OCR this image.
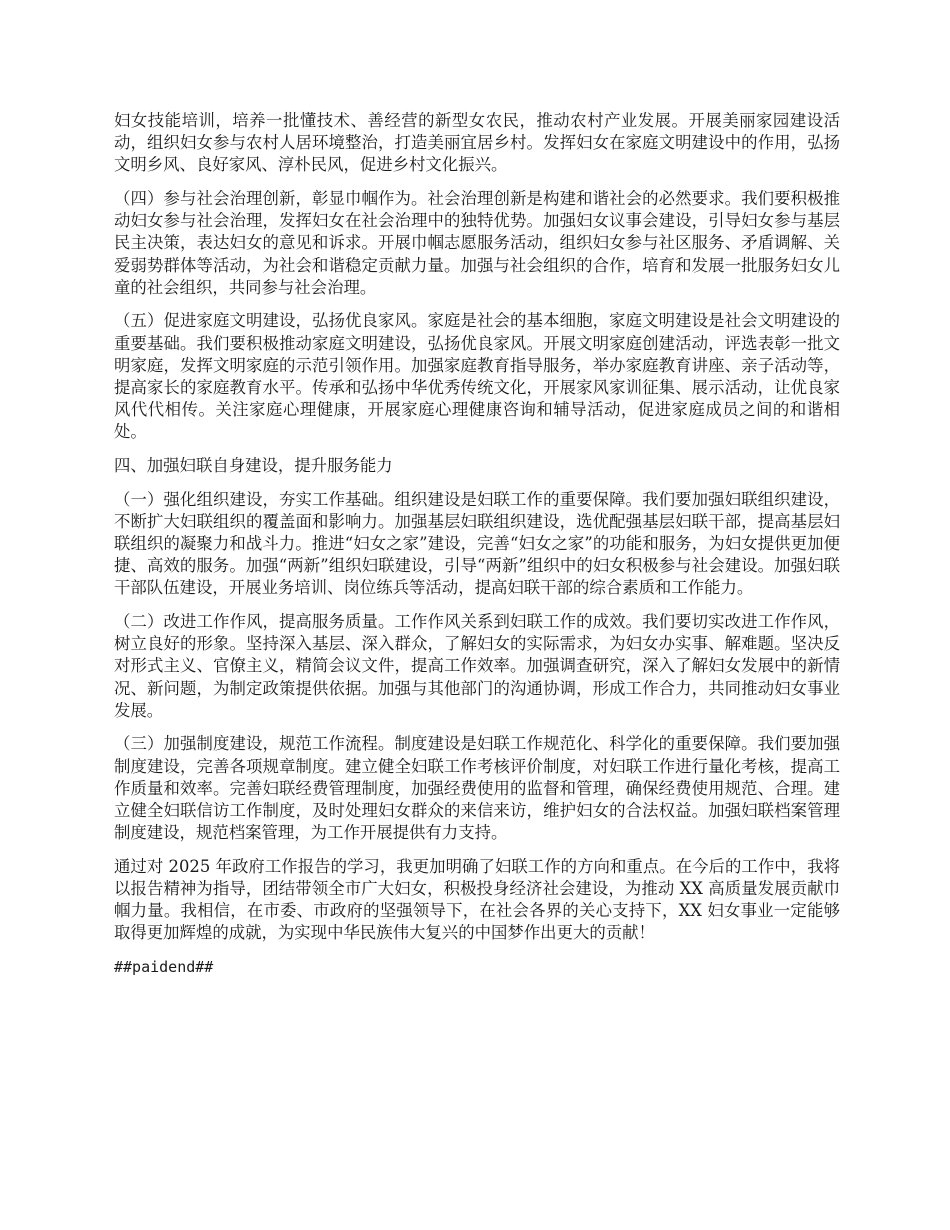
妇女技能培训，培养一批懂技术、善经营的新型女农民，推动农村产业发展。开展美丽家园建设活动，组织妇女参与农村人居环境整治，打造美丽宜居乡村。发挥妇女在家庭文明建设中的作用，弘扬文明乡风、良好家风、淳朴民风，促进乡村文化振兴。

（四）参与社会治理创新，彰显巾帼作为。社会治理创新是构建和谐社会的必然要求。我们要积极推动妇女参与社会治理，发挥妇女在社会治理中的独特优势。加强妇女议事会建设，引导妇女参与基层民主决策，表达妇女的意见和诉求。开展巾帼志愿服务活动，组织妇女参与社区服务、矛盾调解、关爱弱势群体等活动，为社会和谐稳定贡献力量。加强与社会组织的合作，培育和发展一批服务妇女儿童的社会组织，共同参与社会治理。

（五）促进家庭文明建设，弘扬优良家风。家庭是社会的基本细胞，家庭文明建设是社会文明建设的重要基础。我们要积极推动家庭文明建设，弘扬优良家风。开展文明家庭创建活动，评选表彰一批文明家庭，发挥文明家庭的示范引领作用。加强家庭教育指导服务，举办家庭教育讲座、亲子活动等，提高家长的家庭教育水平。传承和弘扬中华优秀传统文化，开展家风家训征集、展示活动，让优良家风代代相传。关注家庭心理健康，开展家庭心理健康咨询和辅导活动，促进家庭成员之间的和谐相处。

四、加强妇联自身建设，提升服务能力

（一）强化组织建设，夯实工作基础。组织建设是妇联工作的重要保障。我们要加强妇联组织建设，不断扩大妇联组织的覆盖面和影响力。加强基层妇联组织建设，选优配强基层妇联干部，提高基层妇联组织的凝聚力和战斗力。推进“妇女之家”建设，完善“妇女之家”的功能和服务，为妇女提供更加便捷、高效的服务。加强“两新”组织妇联建设，引导“两新”组织中的妇女积极参与社会建设。加强妇联干部队伍建设，开展业务培训、岗位练兵等活动，提高妇联干部的综合素质和工作能力。

（二）改进工作作风，提高服务质量。工作作风关系到妇联工作的成效。我们要切实改进工作作风，树立良好的形象。坚持深入基层、深入群众，了解妇女的实际需求，为妇女办实事、解难题。坚决反对形式主义、官僚主义，精简会议文件，提高工作效率。加强调查研究，深入了解妇女发展中的新情况、新问题，为制定政策提供依据。加强与其他部门的沟通协调，形成工作合力，共同推动妇女事业发展。

（三）加强制度建设，规范工作流程。制度建设是妇联工作规范化、科学化的重要保障。我们要加强制度建设，完善各项规章制度。建立健全妇联工作考核评价制度，对妇联工作进行量化考核，提高工作质量和效率。完善妇联经费管理制度，加强经费使用的监督和管理，确保经费使用规范、合理。建立健全妇联信访工作制度，及时处理妇女群众的来信来访，维护妇女的合法权益。加强妇联档案管理制度建设，规范档案管理，为工作开展提供有力支持。

通过对 2025 年政府工作报告的学习，我更加明确了妇联工作的方向和重点。在今后的工作中，我将以报告精神为指导，团结带领全市广大妇女，积极投身经济社会建设，为推动 XX 高质量发展贡献巾帼力量。我相信，在市委、市政府的坚强领导下，在社会各界的关心支持下，XX 妇女事业一定能够取得更加辉煌的成就，为实现中华民族伟大复兴的中国梦作出更大的贡献！

##paidend##
